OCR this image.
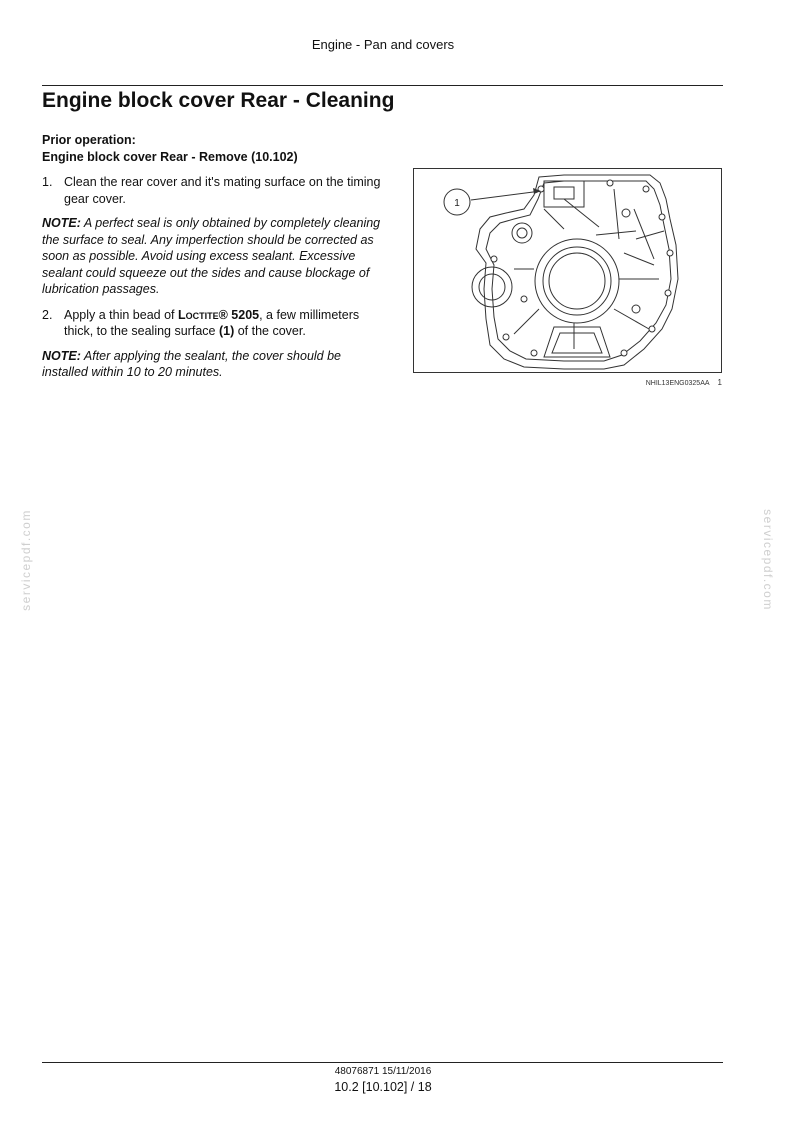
Engine - Pan and covers
Engine block cover Rear - Cleaning
Prior operation:
Engine block cover Rear - Remove (10.102)
1. Clean the rear cover and it's mating surface on the timing gear cover.
NOTE: A perfect seal is only obtained by completely cleaning the surface to seal. Any imperfection should be corrected as soon as possible. Avoid using excess sealant. Excessive sealant could squeeze out the sides and cause blockage of lubrication passages.
2. Apply a thin bead of Loctite® 5205, a few millimeters thick, to the sealing surface (1) of the cover.
NOTE: After applying the sealant, the cover should be installed within 10 to 20 minutes.
1
NHIL13ENG0325AA 1
servicepdf.com	servicepdf.com
48076871 15/11/2016
10.2 [10.102] / 18
